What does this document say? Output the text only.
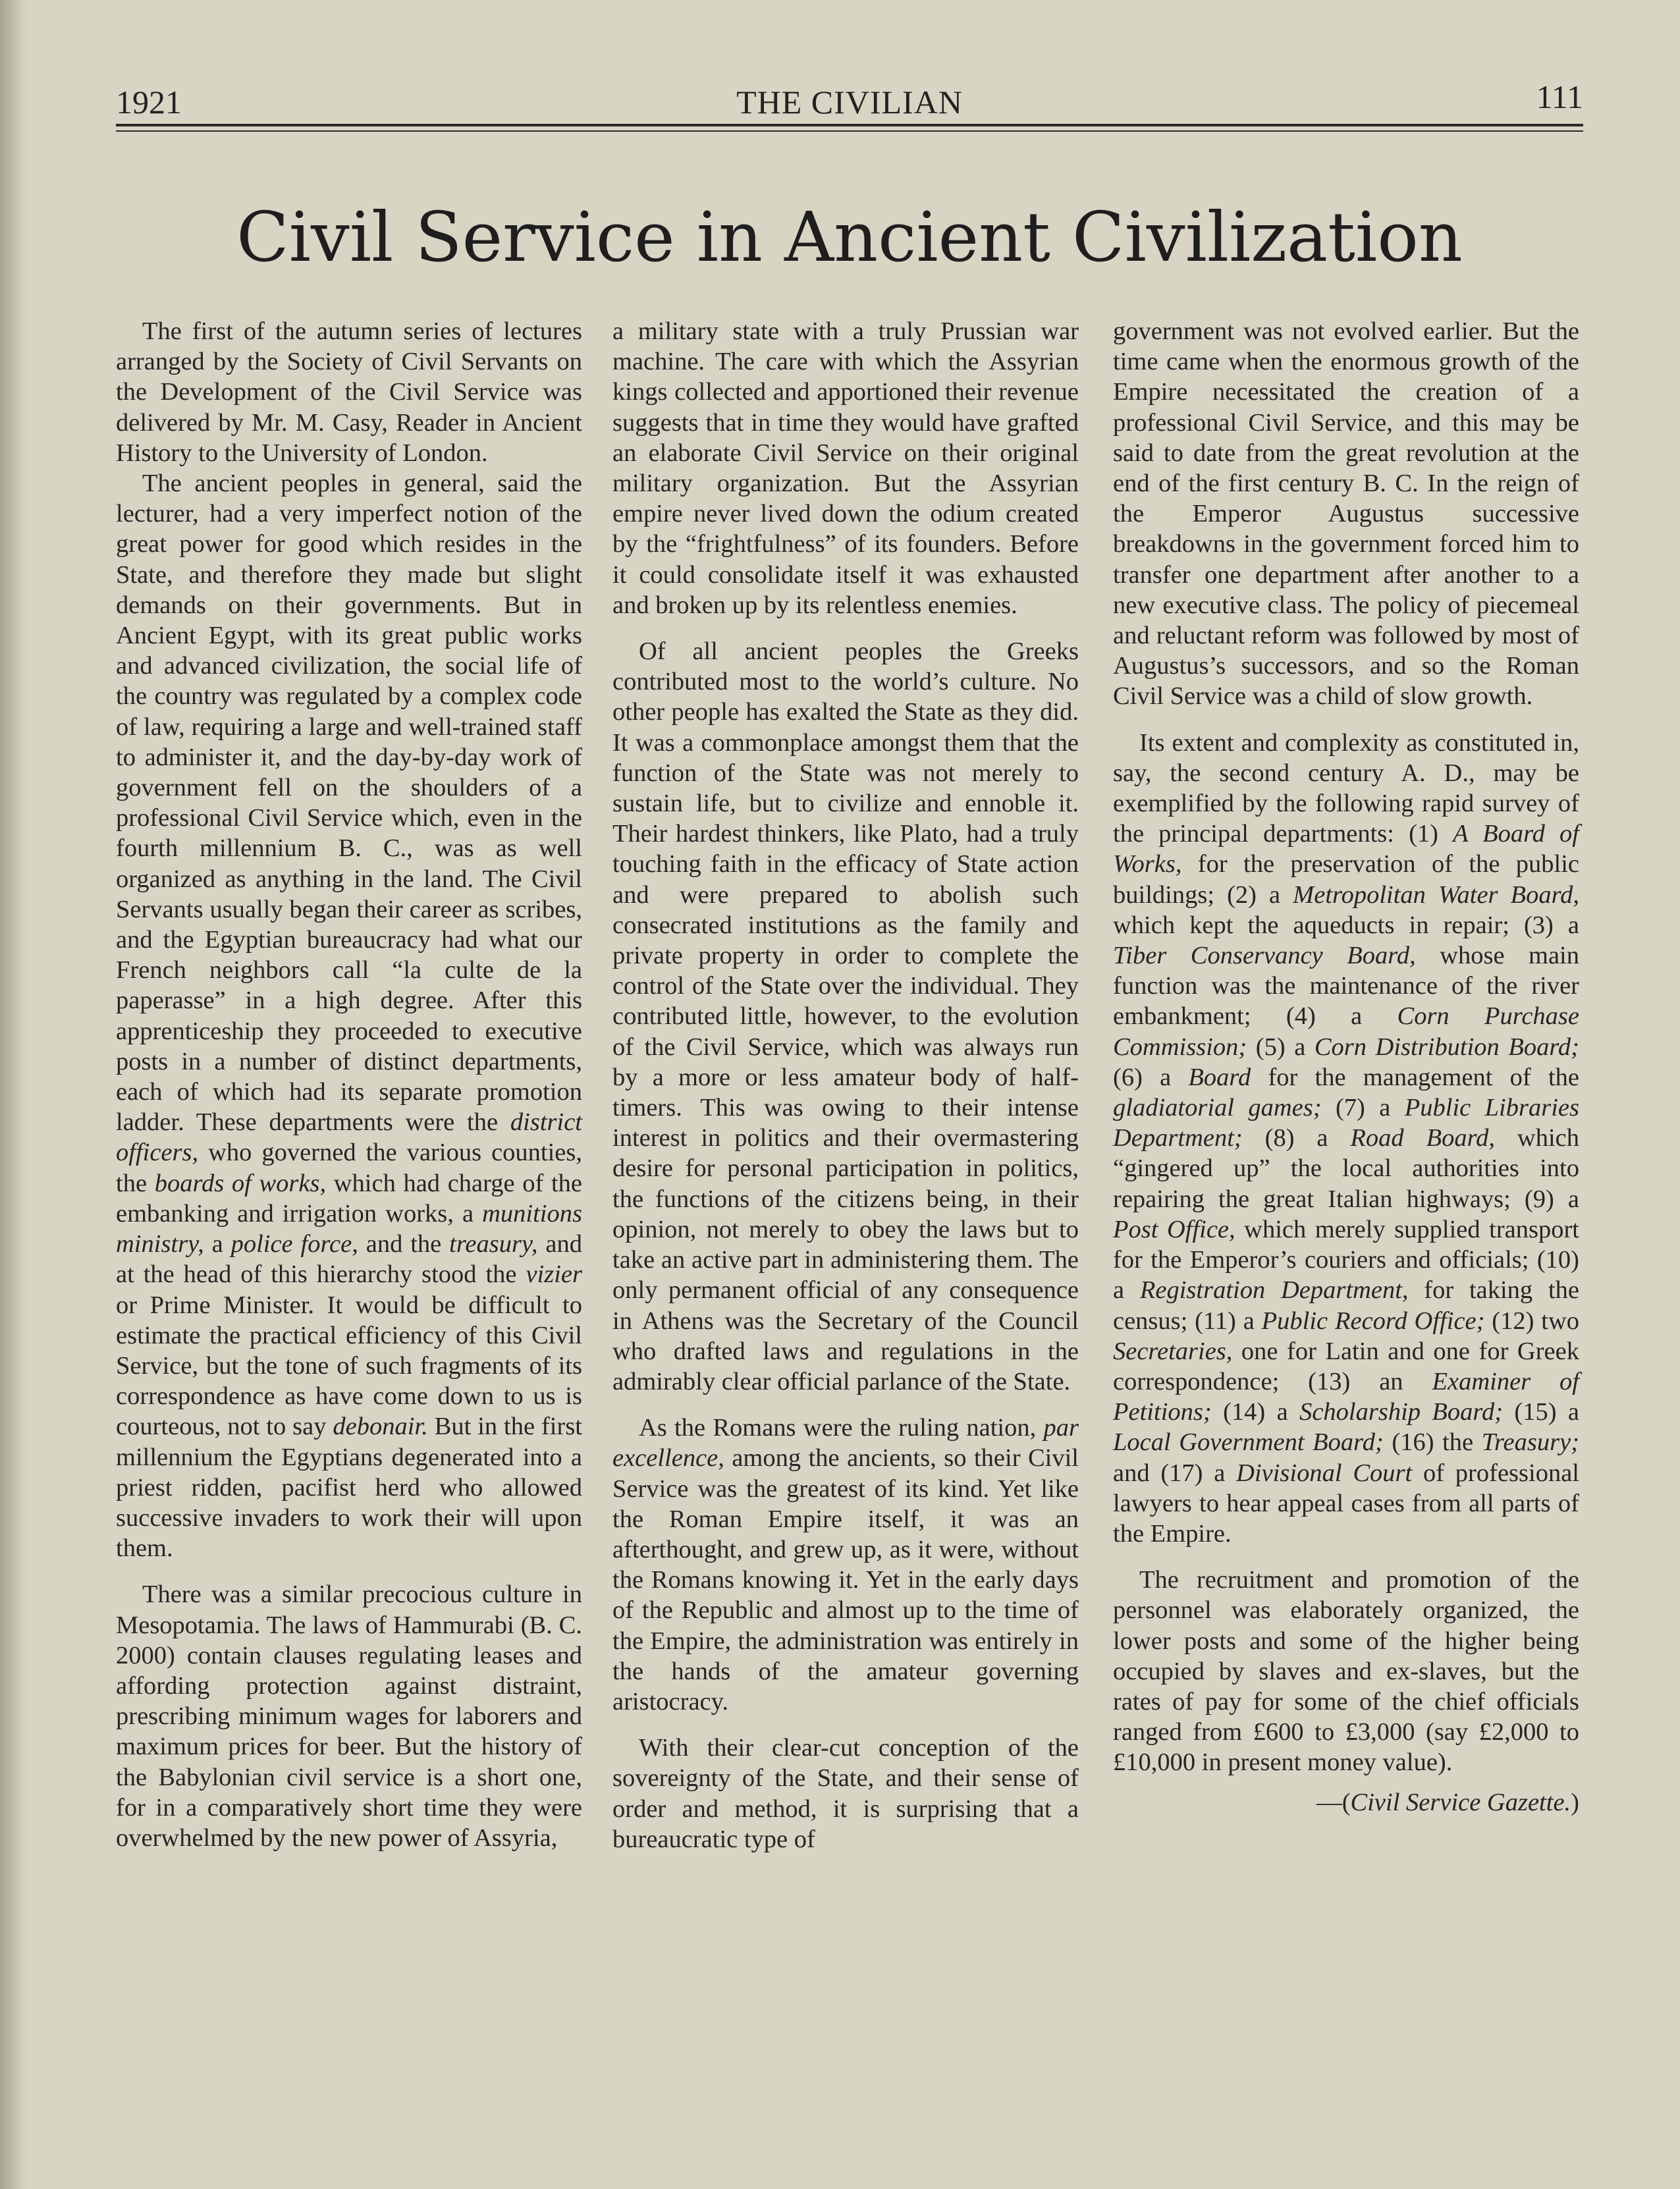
1921	THE CIVILIAN	111
Civil Service in Ancient Civilization

The first of the autumn series of lectures arranged by the Society of Civil Servants on the Development of the Civil Service was delivered by Mr. M. Casy, Reader in Ancient History to the University of London.

The ancient peoples in general, said the lecturer, had a very imperfect notion of the great power for good which resides in the State, and therefore they made but slight demands on their governments. But in Ancient Egypt, with its great public works and advanced civilization, the social life of the country was regulated by a complex code of law, requiring a large and well-trained staff to administer it, and the day-by-day work of government fell on the shoulders of a professional Civil Service which, even in the fourth millennium B. C., was as well organized as anything in the land. The Civil Servants usually began their career as scribes, and the Egyptian bureaucracy had what our French neighbors call “la culte de la paperasse” in a high degree. After this apprenticeship they proceeded to executive posts in a number of distinct departments, each of which had its separate promotion ladder. These departments were the district officers, who governed the various counties, the boards of works, which had charge of the embanking and irrigation works, a munitions ministry, a police force, and the treasury, and at the head of this hierarchy stood the vizier or Prime Minister. It would be difficult to estimate the practical efficiency of this Civil Service, but the tone of such fragments of its correspondence as have come down to us is courteous, not to say debonair. But in the first millennium the Egyptians degenerated into a priest ridden, pacifist herd who allowed successive invaders to work their will upon them.

There was a similar precocious culture in Mesopotamia. The laws of Hammurabi (B. C. 2000) contain clauses regulating leases and affording protection against distraint, prescribing minimum wages for laborers and maximum prices for beer. But the history of the Babylonian civil service is a short one, for in a comparatively short time they were overwhelmed by the new power of Assyria,

a military state with a truly Prussian war machine. The care with which the Assyrian kings collected and apportioned their revenue suggests that in time they would have grafted an elaborate Civil Service on their original military organization. But the Assyrian empire never lived down the odium created by the “frightfulness” of its founders. Before it could consolidate itself it was exhausted and broken up by its relentless enemies.

Of all ancient peoples the Greeks contributed most to the world’s culture. No other people has exalted the State as they did. It was a commonplace amongst them that the function of the State was not merely to sustain life, but to civilize and ennoble it. Their hardest thinkers, like Plato, had a truly touching faith in the efficacy of State action and were prepared to abolish such consecrated institutions as the family and private property in order to complete the control of the State over the individual. They contributed little, however, to the evolution of the Civil Service, which was always run by a more or less amateur body of half-timers. This was owing to their intense interest in politics and their overmastering desire for personal participation in politics, the functions of the citizens being, in their opinion, not merely to obey the laws but to take an active part in administering them. The only permanent official of any consequence in Athens was the Secretary of the Council who drafted laws and regulations in the admirably clear official parlance of the State.

As the Romans were the ruling nation, par excellence, among the ancients, so their Civil Service was the greatest of its kind. Yet like the Roman Empire itself, it was an afterthought, and grew up, as it were, without the Romans knowing it. Yet in the early days of the Republic and almost up to the time of the Empire, the administration was entirely in the hands of the amateur governing aristocracy.

With their clear-cut conception of the sovereignty of the State, and their sense of order and method, it is surprising that a bureaucratic type of

government was not evolved earlier. But the time came when the enormous growth of the Empire necessitated the creation of a professional Civil Service, and this may be said to date from the great revolution at the end of the first century B. C. In the reign of the Emperor Augustus successive breakdowns in the government forced him to transfer one department after another to a new executive class. The policy of piecemeal and reluctant reform was followed by most of Augustus’s successors, and so the Roman Civil Service was a child of slow growth.

Its extent and complexity as constituted in, say, the second century A. D., may be exemplified by the following rapid survey of the principal departments: (1) A Board of Works, for the preservation of the public buildings; (2) a Metropolitan Water Board, which kept the aqueducts in repair; (3) a Tiber Conservancy Board, whose main function was the maintenance of the river embankment; (4) a Corn Purchase Commission; (5) a Corn Distribution Board; (6) a Board for the management of the gladiatorial games; (7) a Public Libraries Department; (8) a Road Board, which “gingered up” the local authorities into repairing the great Italian highways; (9) a Post Office, which merely supplied transport for the Emperor’s couriers and officials; (10) a Registration Department, for taking the census; (11) a Public Record Office; (12) two Secretaries, one for Latin and one for Greek correspondence; (13) an Examiner of Petitions; (14) a Scholarship Board; (15) a Local Government Board; (16) the Treasury; and (17) a Divisional Court of professional lawyers to hear appeal cases from all parts of the Empire.

The recruitment and promotion of the personnel was elaborately organized, the lower posts and some of the higher being occupied by slaves and ex-slaves, but the rates of pay for some of the chief officials ranged from £600 to £3,000 (say £2,000 to £10,000 in present money value).

—(Civil Service Gazette.)
